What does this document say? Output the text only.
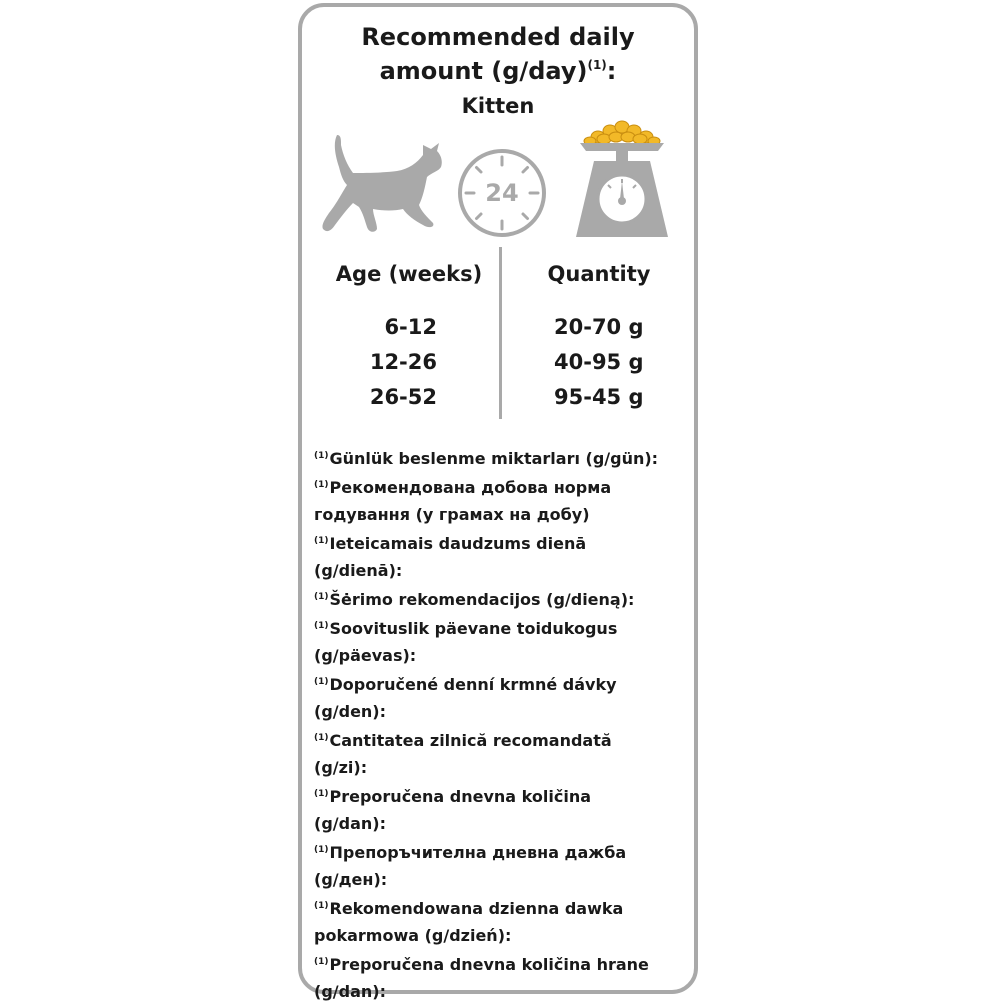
Recommended daily
amount $(g/day)^{(1)}$:
Kitten
24
Age (weeks)	Quantity
6-12	20-70 g
12-26	40-95 g
26-52	95-45 g
$^{(1)}$Günlük beslenme miktarları (g/gün):
$^{(1)}$Рекомендована добова норма
годування (у грамах на добу)
$^{(1)}$Ieteicamais daudzums dienā
(g/dienā):
$^{(1)}$Šėrimo rekomendacijos (g/dieną):
$^{(1)}$Soovituslik päevane toidukogus
(g/päevas):
$^{(1)}$Doporučené denní krmné dávky
(g/den):
$^{(1)}$Cantitatea zilnică recomandată
(g/zi):
$^{(1)}$Preporučena dnevna količina
(g/dan):
$^{(1)}$Препоръчителна дневна дажба
(g/ден):
$^{(1)}$Rekomendowana dzienna dawka
pokarmowa (g/dzień):
$^{(1)}$Preporučena dnevna količina hrane
(g/dan):
